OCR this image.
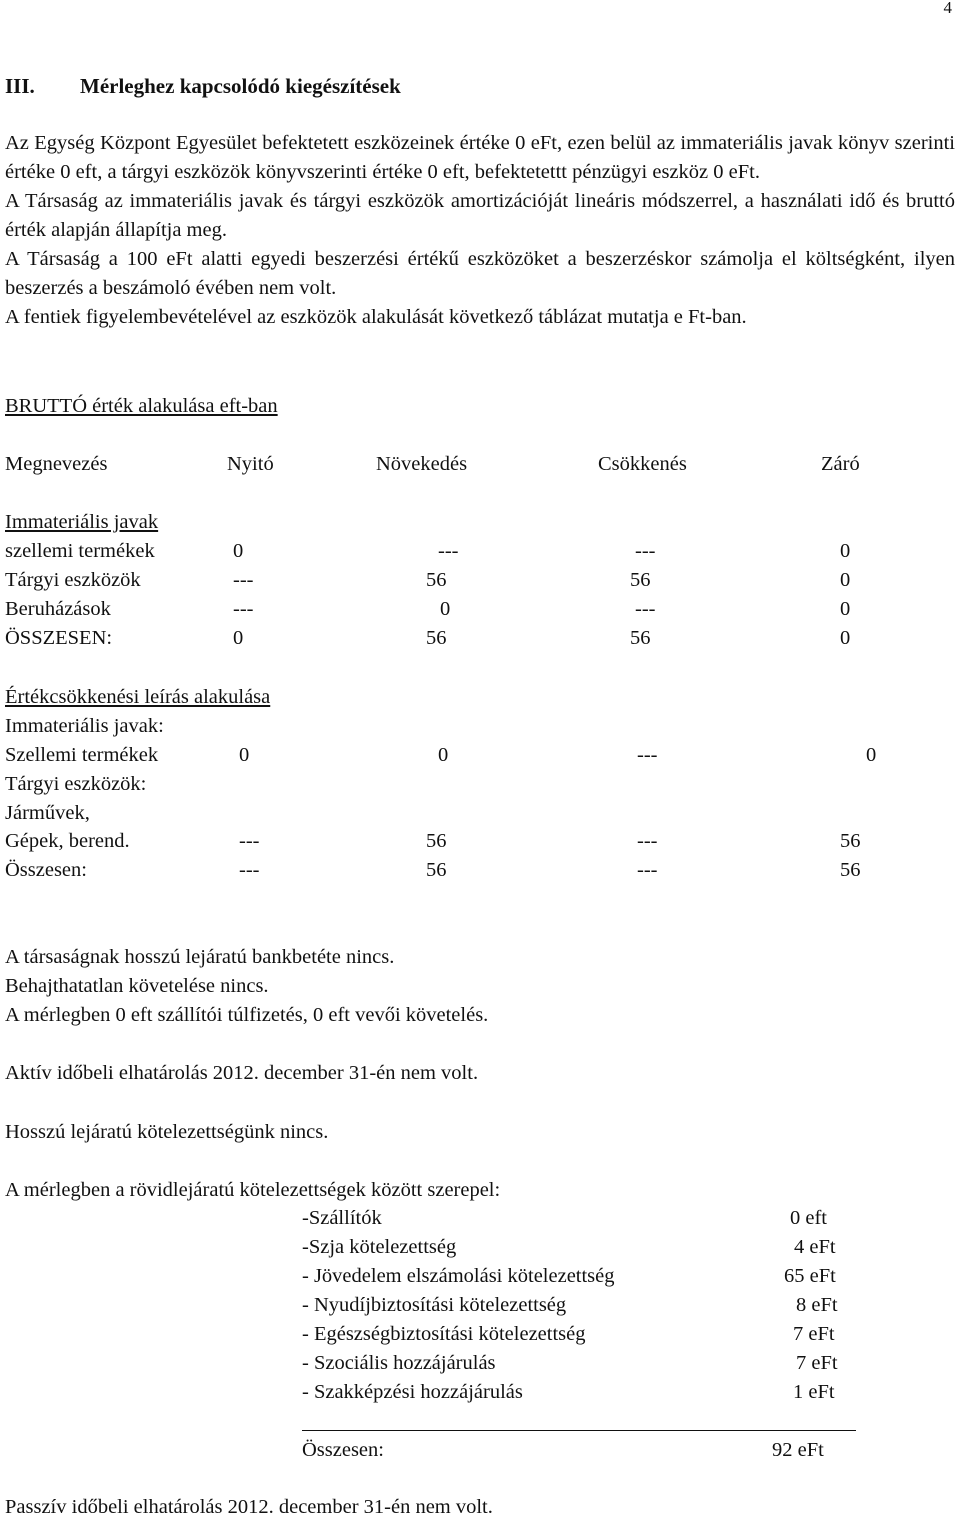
4
III. Mérleghez kapcsolódó kiegészítések

Az Egység Központ Egyesület befektetett eszközeinek értéke 0 eFt, ezen belül az immateriális javak könyv szerinti értéke 0 eft, a tárgyi eszközök könyvszerinti értéke 0 eft, befektetettt pénzügyi eszköz 0 eFt.

A Társaság az immateriális javak és tárgyi eszközök amortizációját lineáris módszerrel, a használati idő és bruttó érték alapján állapítja meg.

A Társaság a 100 eFt alatti egyedi beszerzési értékű eszközöket a beszerzéskor számolja el költségként, ilyen beszerzés a beszámoló évében nem volt.

A fentiek figyelembevételével az eszközök alakulását következő táblázat mutatja e Ft-ban.

BRUTTÓ érték alakulása eft-ban
Megnevezés	Nyitó	Növekedés	Csökkenés	Záró
Immateriális javak
szellemi termékek	0	---	---	0
Tárgyi eszközök	---	56	56	0
Beruházások	---	0	---	0
ÖSSZESEN:	0	56	56	0
Értékcsökkenési leírás alakulása
Immateriális javak:
Szellemi termékek	0	0	---	0
Tárgyi eszközök:
Járművek,
Gépek, berend.	---	56	---	56
Összesen:	---	56	---	56
A társaságnak hosszú lejáratú bankbetéte nincs.
Behajthatatlan követelése nincs.
A mérlegben 0 eft szállítói túlfizetés, 0 eft vevői követelés.
Aktív időbeli elhatárolás 2012. december 31-én nem volt.
Hosszú lejáratú kötelezettségünk nincs.
A mérlegben a rövidlejáratú kötelezettségek között szerepel:
-Szállítók	0 eft
-Szja kötelezettség	4 eFt
- Jövedelem elszámolási kötelezettség	65 eFt
- Nyudíjbiztosítási kötelezettség	8 eFt
- Egészségbiztosítási kötelezettség	7 eFt
- Szociális hozzájárulás	7 eFt
- Szakképzési hozzájárulás	1 eFt
Összesen:	92 eFt
Passzív időbeli elhatárolás 2012. december 31-én nem volt.
